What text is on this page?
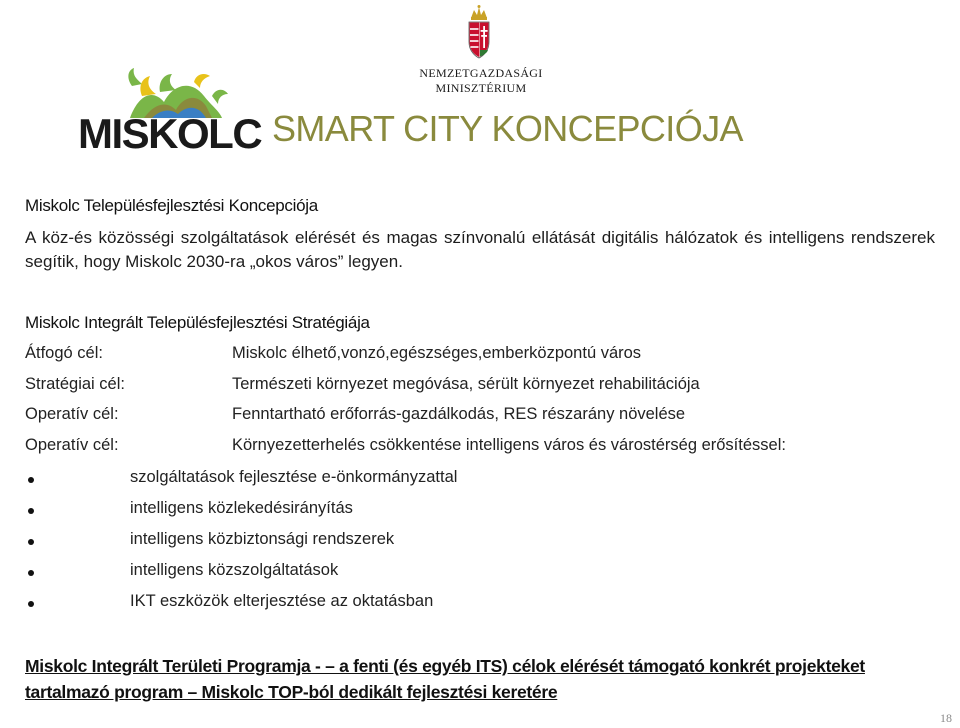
MISKOLC SMART CITY KONCEPCIÓJA
NEMZETGAZDASÁGI
MINISZTÉRIUM
Miskolc Településfejlesztési Koncepciója
A köz-és közösségi szolgáltatások elérését és magas színvonalú ellátását digitális hálózatok és intelligens rendszerek segítik, hogy Miskolc 2030-ra „okos város” legyen.
Miskolc Integrált Településfejlesztési Stratégiája
Átfogó cél:	Miskolc élhető,vonzó,egészséges,emberközpontú város
Stratégiai cél:	Természeti környezet megóvása, sérült környezet rehabilitációja
Operatív cél:	Fenntartható erőforrás-gazdálkodás, RES részarány növelése
Operatív cél:	Környezetterhelés csökkentése intelligens város és várostérség erősítéssel:
szolgáltatások fejlesztése e-önkormányzattal
intelligens közlekedésirányítás
intelligens közbiztonsági rendszerek
intelligens közszolgáltatások
IKT eszközök elterjesztése az oktatásban
Miskolc Integrált Területi Programja - – a fenti (és egyéb ITS) célok elérését támogató konkrét projekteket tartalmazó program – Miskolc TOP-ból dedikált fejlesztési keretére
18
